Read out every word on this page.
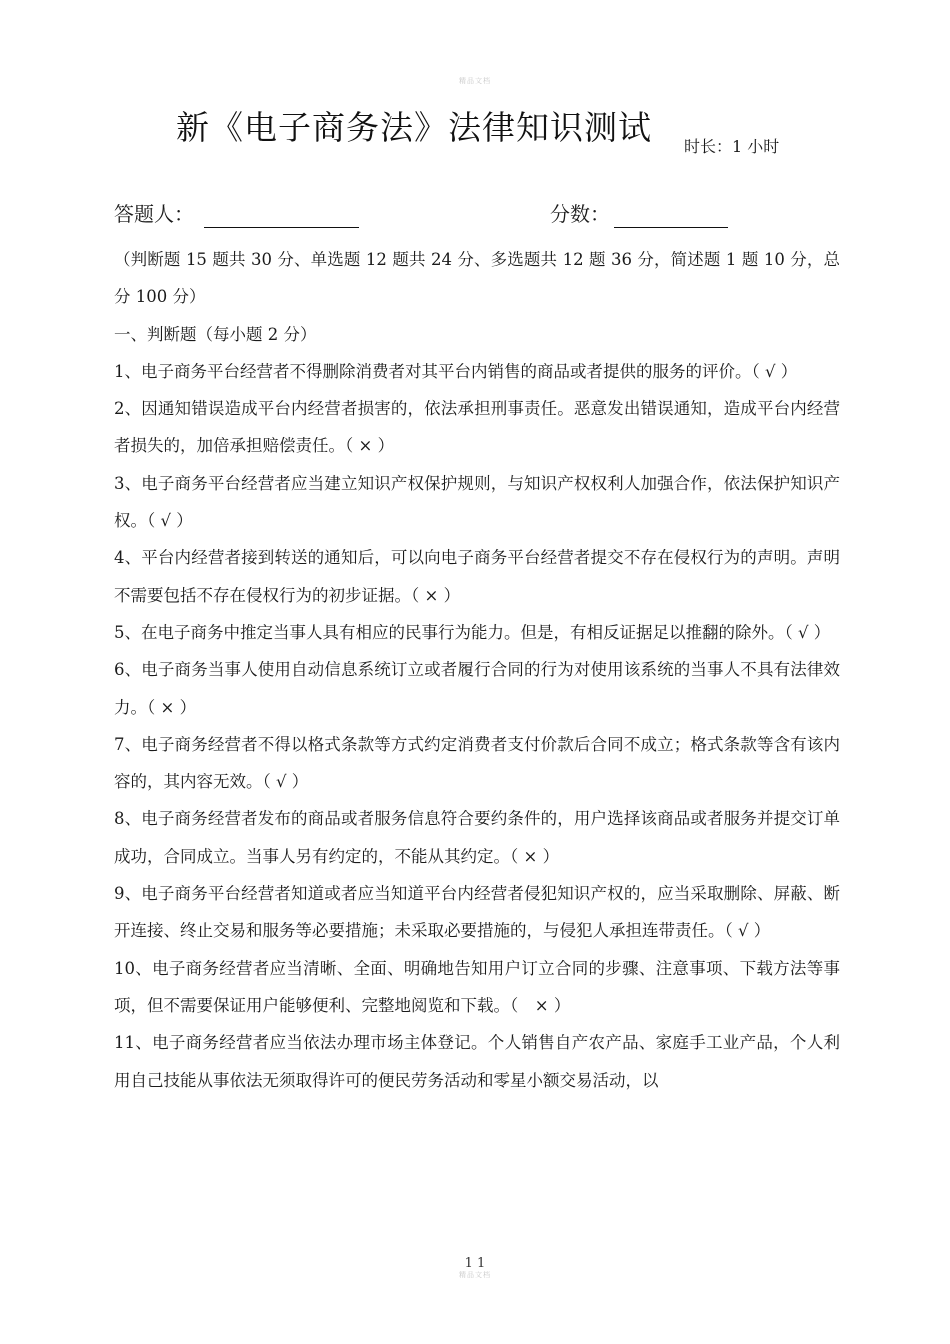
精品文档
新《电子商务法》法律知识测试 时长：1 小时
答题人：	分数：

（判断题 15 题共 30 分、单选题 12 题共 24 分、多选题共 12 题 36 分，简述题 1 题 10 分，总分 100 分）

一、判断题（每小题 2 分）

1、电子商务平台经营者不得删除消费者对其平台内销售的商品或者提供的服务的评价。（ √ ）

2、因通知错误造成平台内经营者损害的，依法承担刑事责任。恶意发出错误通知，造成平台内经营者损失的，加倍承担赔偿责任。（ × ）

3、电子商务平台经营者应当建立知识产权保护规则，与知识产权权利人加强合作，依法保护知识产权。（ √ ）

4、平台内经营者接到转送的通知后，可以向电子商务平台经营者提交不存在侵权行为的声明。声明不需要包括不存在侵权行为的初步证据。（ × ）

5、在电子商务中推定当事人具有相应的民事行为能力。但是，有相反证据足以推翻的除外。（ √ ）

6、电子商务当事人使用自动信息系统订立或者履行合同的行为对使用该系统的当事人不具有法律效力。（ × ）

7、电子商务经营者不得以格式条款等方式约定消费者支付价款后合同不成立；格式条款等含有该内容的，其内容无效。（ √ ）

8、电子商务经营者发布的商品或者服务信息符合要约条件的，用户选择该商品或者服务并提交订单成功，合同成立。当事人另有约定的，不能从其约定。（ × ）

9、电子商务平台经营者知道或者应当知道平台内经营者侵犯知识产权的，应当采取删除、屏蔽、断开连接、终止交易和服务等必要措施；未采取必要措施的，与侵犯人承担连带责任。（ √ ）

10、电子商务经营者应当清晰、全面、明确地告知用户订立合同的步骤、注意事项、下载方法等事项，但不需要保证用户能够便利、完整地阅览和下载。（　× ）

11、电子商务经营者应当依法办理市场主体登记。个人销售自产农产品、家庭手工业产品，个人利用自己技能从事依法无须取得许可的便民劳务活动和零星小额交易活动，以

1 1
精品文档
